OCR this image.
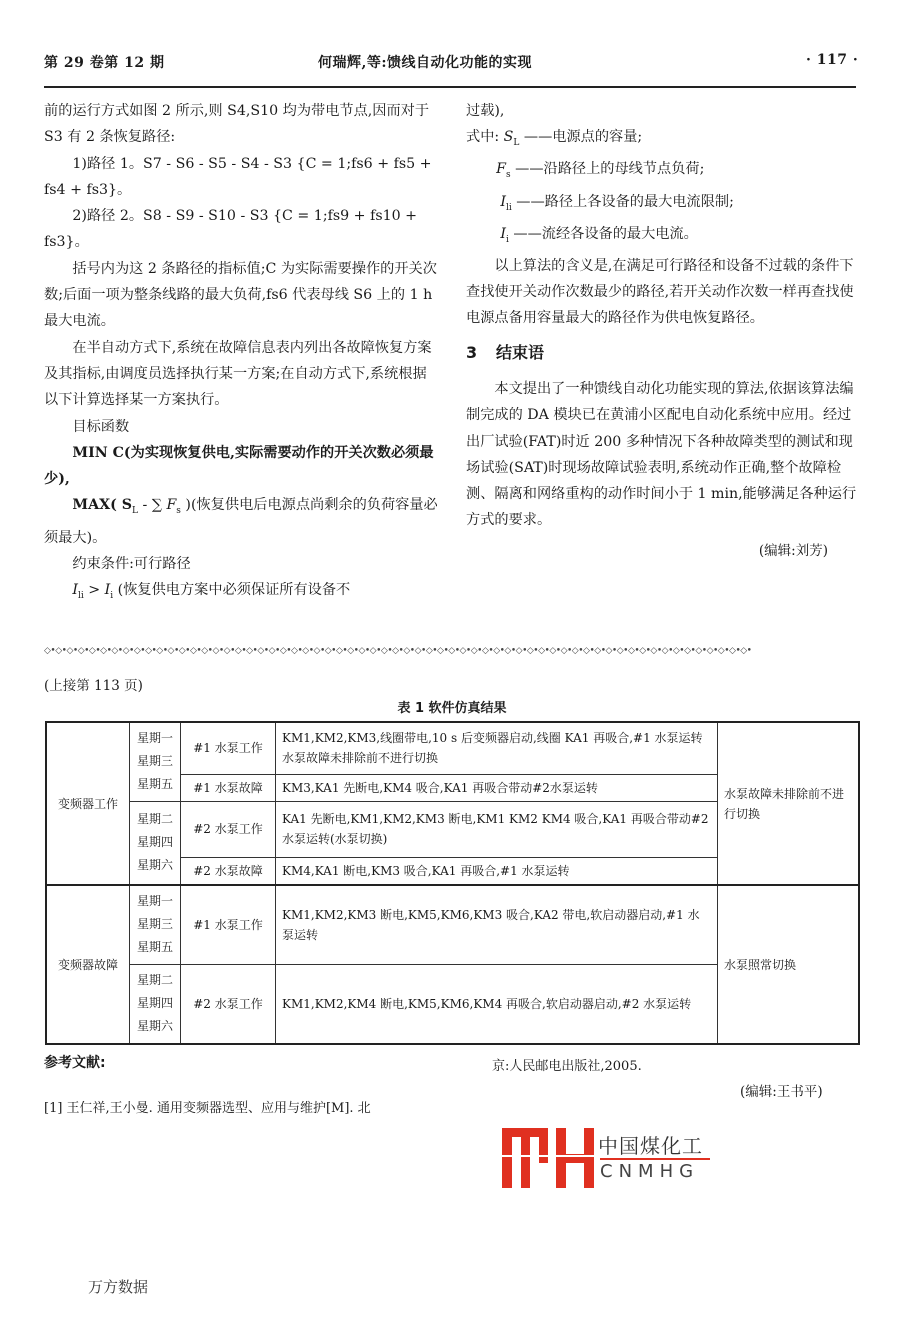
第 29 卷第 12 期	何瑞辉,等:馈线自动化功能的实现	· 117 ·

前的运行方式如图 2 所示,则 S4,S10 均为带电节点,因而对于 S3 有 2 条恢复路径:

1)路径 1。S7 - S6 - S5 - S4 - S3 {C = 1;fs6 + fs5 + fs4 + fs3}。

2)路径 2。S8 - S9 - S10 - S3 {C = 1;fs9 + fs10 + fs3}。

括号内为这 2 条路径的指标值;C 为实际需要操作的开关次数;后面一项为整条线路的最大负荷,fs6 代表母线 S6 上的 1 h 最大电流。

在半自动方式下,系统在故障信息表内列出各故障恢复方案及其指标,由调度员选择执行某一方案;在自动方式下,系统根据以下计算选择某一方案执行。

目标函数

MIN C(为实现恢复供电,实际需要动作的开关次数必须最少),

MAX( $S_L$ - ∑ $F_s$ )(恢复供电后电源点尚剩余的负荷容量必须最大)。

约束条件:可行路径

$I_{li} > I_i$ (恢复供电方案中必须保证所有设备不

过载),

式中: $S_L$ ——电源点的容量;
$F_s$ ——沿路径上的母线节点负荷;
$I_{li}$ ——路径上各设备的最大电流限制;
$I_i$ ——流经各设备的最大电流。

以上算法的含义是,在满足可行路径和设备不过载的条件下查找使开关动作次数最少的路径,若开关动作次数一样再查找使电源点备用容量最大的路径作为供电恢复路径。

3 结束语

本文提出了一种馈线自动化功能实现的算法,依据该算法编制完成的 DA 模块已在黄浦小区配电自动化系统中应用。经过出厂试验(FAT)时近 200 多种情况下各种故障类型的测试和现场试验(SAT)时现场故障试验表明,系统动作正确,整个故障检测、隔离和网络重构的动作时间小于 1 min,能够满足各种运行方式的要求。

(编辑:刘芳)

◇•◇•◇•◇•◇•◇•◇•◇•◇•◇•◇•◇•◇•◇•◇•◇•◇•◇•◇•◇•◇•◇•◇•◇•◇•◇•◇•◇•◇•◇•◇•◇•◇•◇•◇•◇•◇•◇•◇•◇•◇•◇•◇•◇•◇•◇•◇•◇•◇•◇•◇•◇•◇•◇•◇•◇•◇•◇•◇•◇•◇•◇•◇•
(上接第 113 页)
表 1 软件仿真结果
变频器工作	星期一
星期三
星期五	#1 水泵工作	KM1,KM2,KM3,线圈带电,10 s 后变频器启动,线圈 KA1 再吸合,#1 水泵运转水泵故障未排除前不进行切换	水泵故障未排除前不进行切换
		#1 水泵故障	KM3,KA1 先断电,KM4 吸合,KA1 再吸合带动#2水泵运转	

	星期二
星期四
星期六	#2 水泵工作	KA1 先断电,KM1,KM2,KM3 断电,KM1 KM2 KM4 吸合,KA1 再吸合带动#2水泵运转(水泵切换)	
		#2 水泵故障	KM4,KA1 断电,KM3 吸合,KA1 再吸合,#1 水泵运转	
变频器故障	星期一
星期三
星期五	#1 水泵工作	KM1,KM2,KM3 断电,KM5,KM6,KM3 吸合,KA2 带电,软启动器启动,#1 水泵运转	水泵照常切换

	星期二
星期四
星期六	#2 水泵工作	KM1,KM2,KM4 断电,KM5,KM6,KM4 再吸合,软启动器启动,#2 水泵运转	
参考文献:
[1] 王仁祥,王小曼. 通用变频器选型、应用与维护[M]. 北
京:人民邮电出版社,2005.
(编辑:王书平)
中国煤化工
CNMHG
万方数据
